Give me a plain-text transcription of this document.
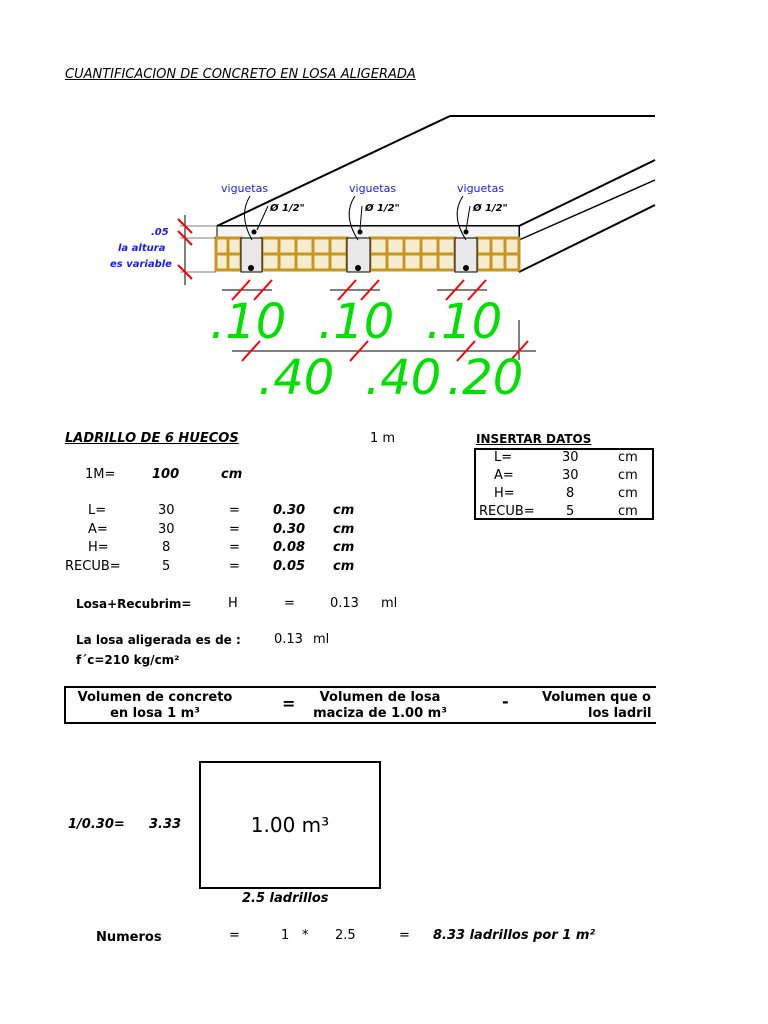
CUANTIFICACION DE CONCRETO EN LOSA ALIGERADA
viguetas	viguetas	viguetas
Ø 1/2"	Ø 1/2"	Ø 1/2"
.05
la altura
es variable
.10 .10 .10
.40 .40 .20
LADRILLO DE 6 HUECOS	1 m
1M=	100	cm
L=	30	=	0.30 cm
A=	30	=	0.30 cm
H=	8	=	0.08 cm
RECUB=	5	=	0.05 cm
INSERTAR DATOS
L=	30	cm
A=	30	cm
H=	8	cm
RECUB= 5	cm
Losa+Recubrim=	H	=	0.13 ml
La losa aligerada es de :	0.13 ml
f´c=210 kg/cm²
Volumen de concreto
en losa 1 m³
=	Volumen de losa
maciza de 1.00 m³
-	Volumen que o
los ladril
1/0.30= 3.33	1.00 m³
2.5 ladrillos
Numeros	=	1 * 2.5	= 8.33 ladrillos por 1 m²
